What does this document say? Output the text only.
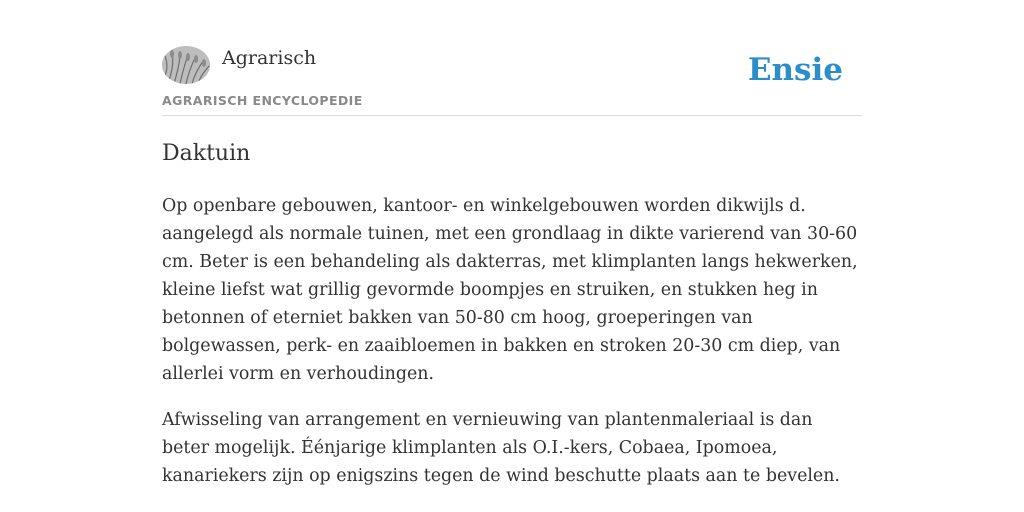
Agrarisch
AGRARISCH ENCYCLOPEDIE
Ensie
Daktuin

Op openbare gebouwen, kantoor- en winkelgebouwen worden dikwijls d. aangelegd als normale tuinen, met een grondlaag in dikte varierend van 30-60 cm. Beter is een behandeling als dakterras, met klimplanten langs hekwerken, kleine liefst wat grillig gevormde boompjes en struiken, en stukken heg in betonnen of eterniet bakken van 50-80 cm hoog, groeperingen van bolgewassen, perk- en zaaibloemen in bakken en stroken 20-30 cm diep, van allerlei vorm en verhoudingen.

Afwisseling van arrangement en vernieuwing van plantenmaleriaal is dan beter mogelijk. Éénjarige klimplanten als O.I.-kers, Cobaea, Ipomoea, kanariekers zijn op enigszins tegen de wind beschutte plaats aan te bevelen.
